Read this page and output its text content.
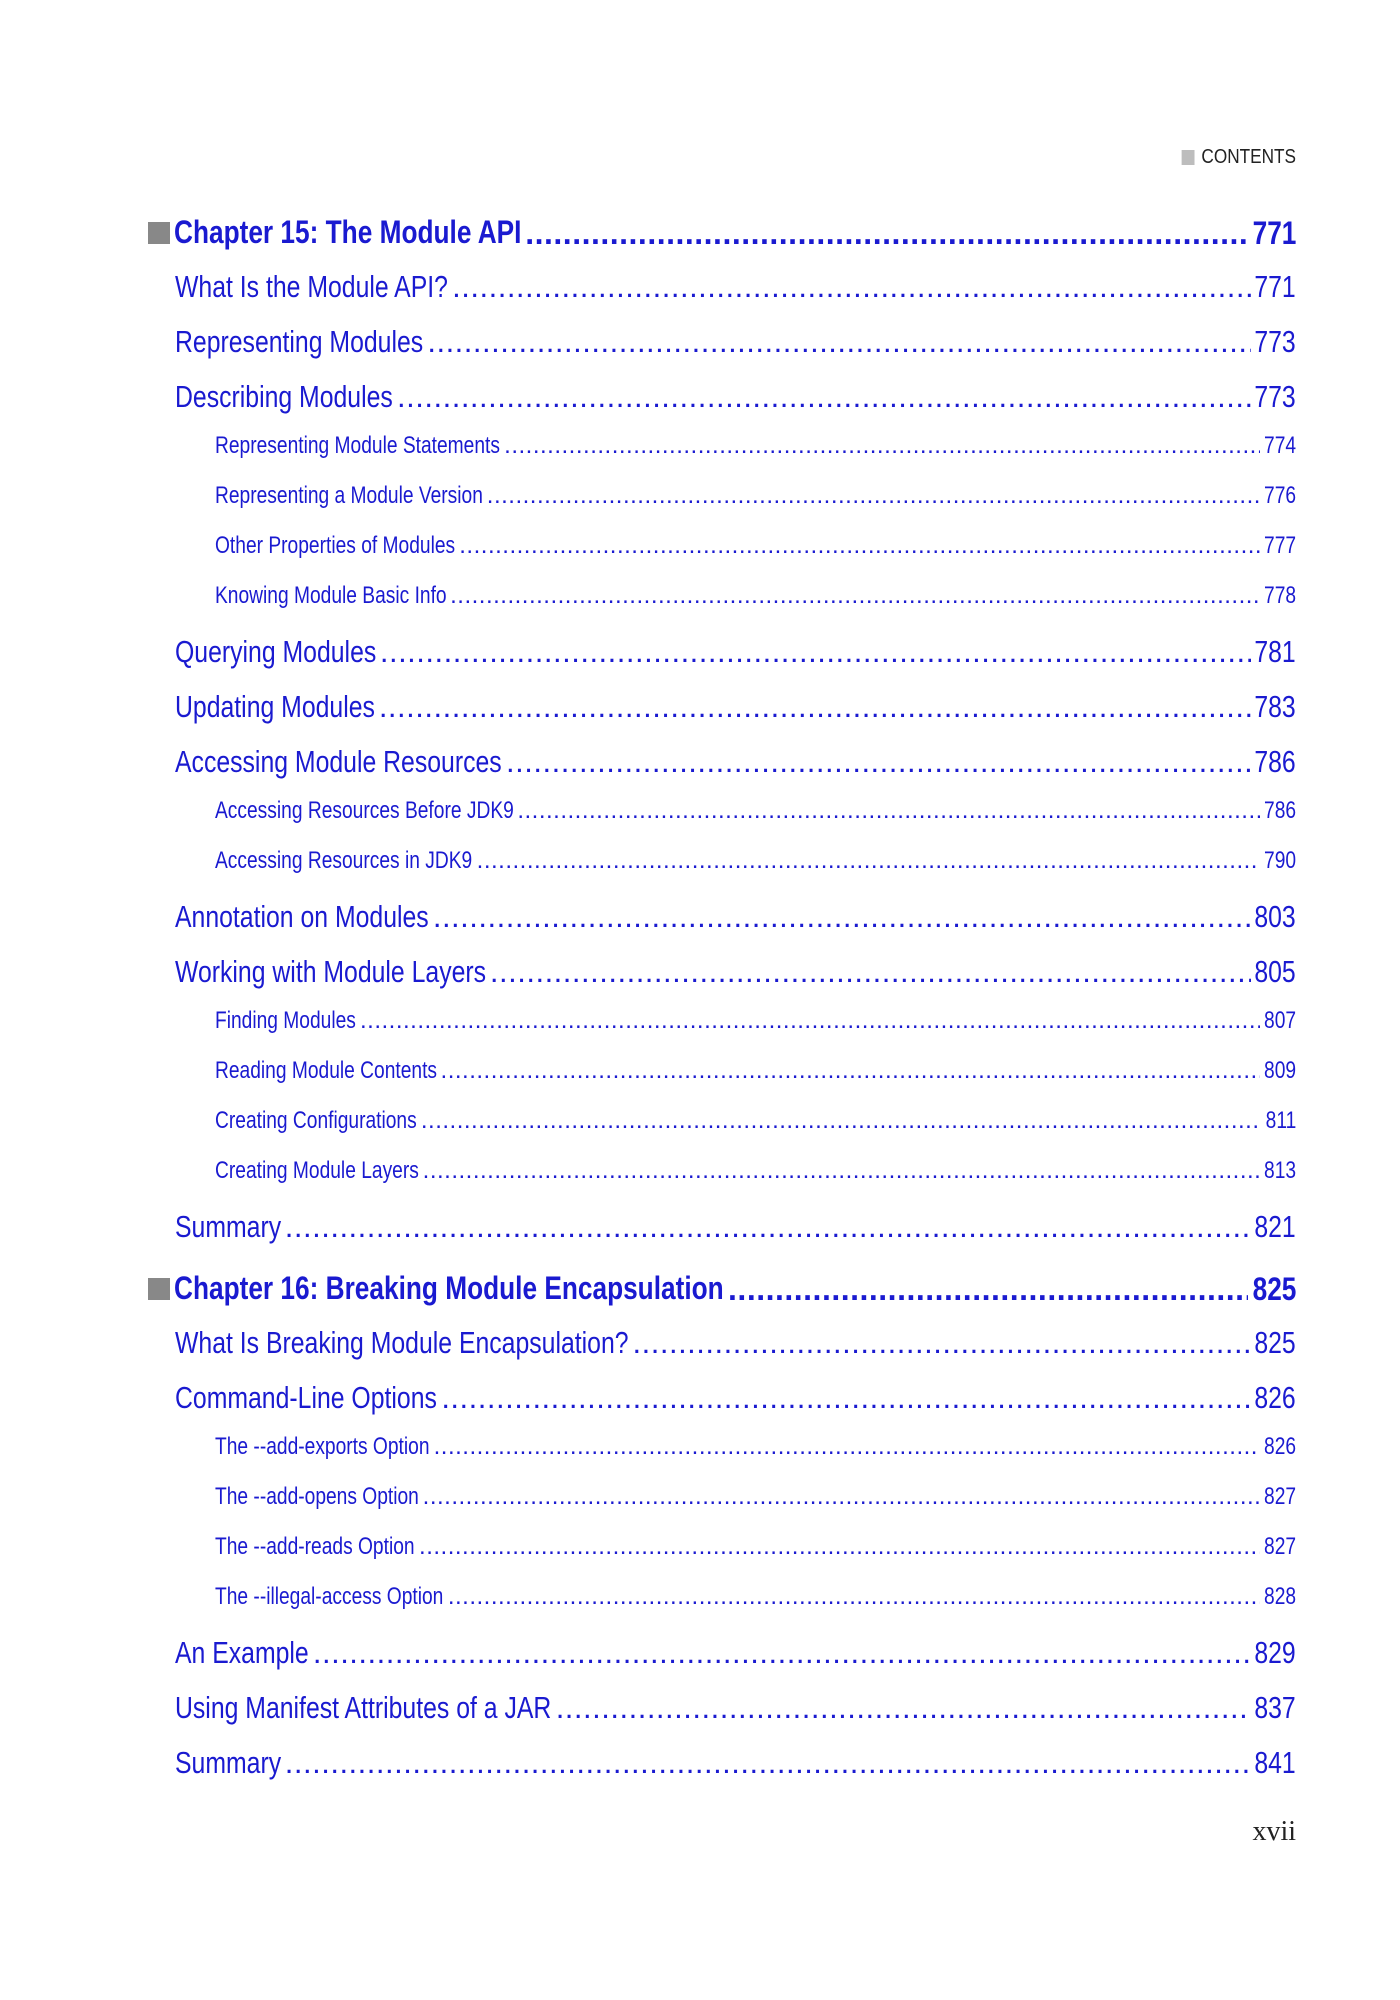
CONTENTS
Chapter 15: The Module API .....	771
What Is the Module API? .....	771
Representing Modules .....	773
Describing Modules .....	773
Representing Module Statements .....	774
Representing a Module Version .....	776
Other Properties of Modules .....	777
Knowing Module Basic Info .....	778
Querying Modules .....	781
Updating Modules .....	783
Accessing Module Resources .....	786
Accessing Resources Before JDK9 .....	786
Accessing Resources in JDK9 .....	790
Annotation on Modules .....	803
Working with Module Layers .....	805
Finding Modules .....	807
Reading Module Contents .....	809
Creating Configurations .....	811
Creating Module Layers .....	813
Summary .....	821
Chapter 16: Breaking Module Encapsulation .....	825
What Is Breaking Module Encapsulation? .....	825
Command-Line Options .....	826
The --add-exports Option .....	826
The --add-opens Option .....	827
The --add-reads Option .....	827
The --illegal-access Option .....	828
An Example .....	829
Using Manifest Attributes of a JAR .....	837
Summary .....	841
xvii
